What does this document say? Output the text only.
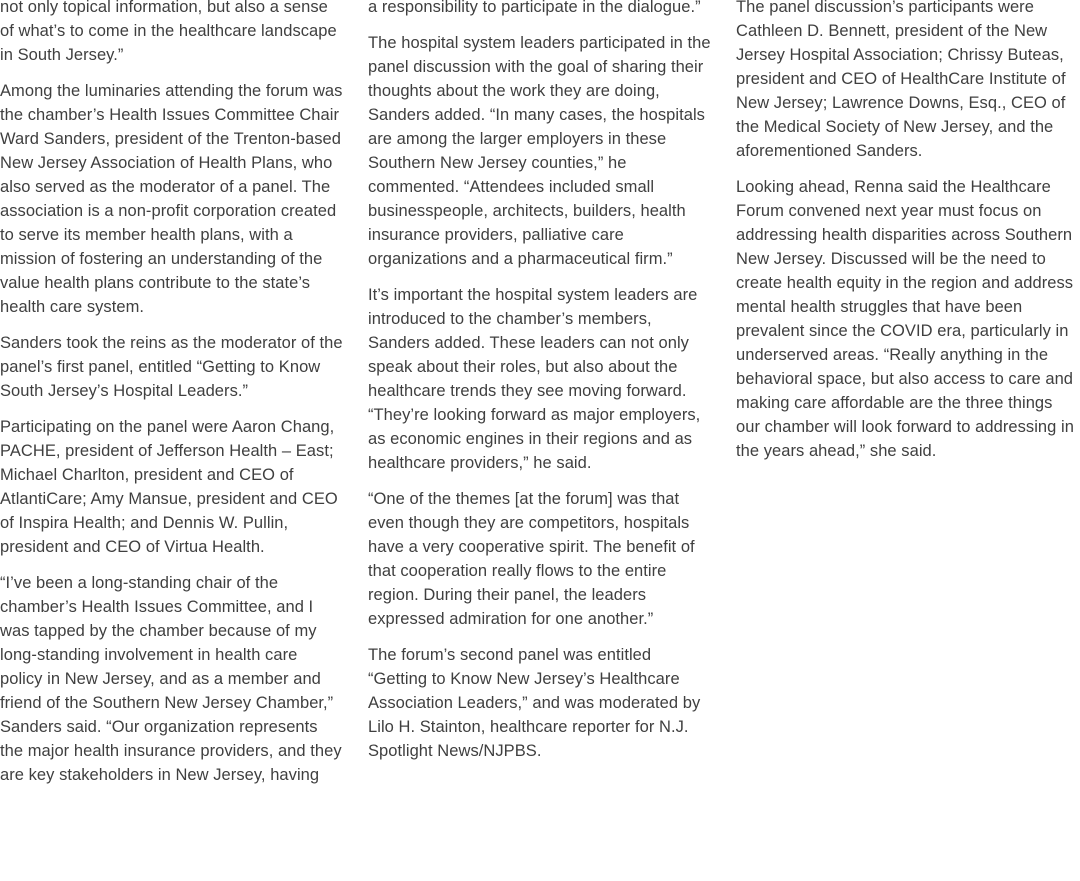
not only topical information, but also a sense of what’s to come in the healthcare landscape in South Jersey.”

Among the luminaries attending the forum was the chamber’s Health Issues Committee Chair Ward Sanders, president of the Trenton-based New Jersey Association of Health Plans, who also served as the moderator of a panel. The association is a non-profit corporation created to serve its member health plans, with a mission of fostering an understanding of the value health plans contribute to the state’s health care system.

Sanders took the reins as the moderator of the panel’s first panel, entitled “Getting to Know South Jersey’s Hospital Leaders.”

Participating on the panel were Aaron Chang, PACHE, president of Jefferson Health – East; Michael Charlton, president and CEO of AtlantiCare; Amy Mansue, president and CEO of Inspira Health; and Dennis W. Pullin, president and CEO of Virtua Health.

“I’ve been a long-standing chair of the chamber’s Health Issues Committee, and I was tapped by the chamber because of my long-standing involvement in health care policy in New Jersey, and as a member and friend of the Southern New Jersey Chamber,” Sanders said. “Our organization represents the major health insurance providers, and they are key stakeholders in New Jersey, having

a responsibility to participate in the dialogue.”

The hospital system leaders participated in the panel discussion with the goal of sharing their thoughts about the work they are doing, Sanders added. “In many cases, the hospitals are among the larger employers in these Southern New Jersey counties,” he commented. “Attendees included small businesspeople, architects, builders, health insurance providers, palliative care organizations and a pharmaceutical firm.”

It’s important the hospital system leaders are introduced to the chamber’s members, Sanders added. These leaders can not only speak about their roles, but also about the healthcare trends they see moving forward. “They’re looking forward as major employers, as economic engines in their regions and as healthcare providers,” he said.

“One of the themes [at the forum] was that even though they are competitors, hospitals have a very cooperative spirit. The benefit of that cooperation really flows to the entire region. During their panel, the leaders expressed admiration for one another.”

The forum’s second panel was entitled “Getting to Know New Jersey’s Healthcare Association Leaders,” and was moderated by Lilo H. Stainton, healthcare reporter for N.J. Spotlight News/NJPBS.

The panel discussion’s participants were Cathleen D. Bennett, president of the New Jersey Hospital Association; Chrissy Buteas, president and CEO of HealthCare Institute of New Jersey; Lawrence Downs, Esq., CEO of the Medical Society of New Jersey, and the aforementioned Sanders.

Looking ahead, Renna said the Healthcare Forum convened next year must focus on addressing health disparities across Southern New Jersey. Discussed will be the need to create health equity in the region and address mental health struggles that have been prevalent since the COVID era, particularly in underserved areas. “Really anything in the behavioral space, but also access to care and making care affordable are the three things our chamber will look forward to addressing in the years ahead,” she said.
